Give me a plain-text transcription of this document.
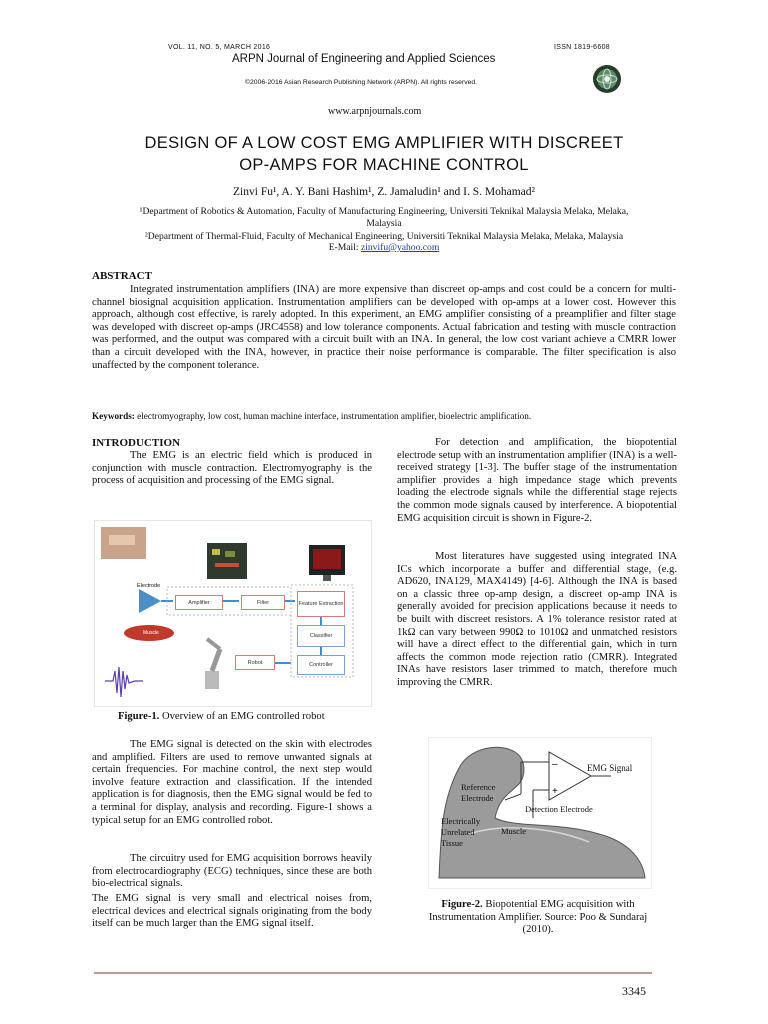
VOL. 11, NO. 5, MARCH 2016	ISSN 1819-6608
ARPN Journal of Engineering and Applied Sciences
©2006-2016 Asian Research Publishing Network (ARPN). All rights reserved.
www.arpnjournals.com
DESIGN OF A LOW COST EMG AMPLIFIER WITH DISCREET
OP-AMPS FOR MACHINE CONTROL
Zinvi Fu¹, A. Y. Bani Hashim¹, Z. Jamaludin¹ and I. S. Mohamad²
¹Department of Robotics & Automation, Faculty of Manufacturing Engineering, Universiti Teknikal Malaysia Melaka, Melaka,
Malaysia
²Department of Thermal-Fluid, Faculty of Mechanical Engineering, Universiti Teknikal Malaysia Melaka, Melaka, Malaysia
E-Mail: zinvifu@yahoo.com
ABSTRACT

Integrated instrumentation amplifiers (INA) are more expensive than discreet op-amps and cost could be a concern for multi-channel biosignal acquisition application. Instrumentation amplifiers can be developed with op-amps at a lower cost. However this approach, although cost effective, is rarely adopted. In this experiment, an EMG amplifier consisting of a preamplifier and filter stage was developed with discreet op-amps (JRC4558) and low tolerance components. Actual fabrication and testing with muscle contraction was performed, and the output was compared with a circuit built with an INA. In general, the low cost variant achieve a CMRR lower than a circuit developed with the INA, however, in practice their noise performance is comparable. The filter specification is also unaffected by the component tolerance.

Keywords: electromyography, low cost, human machine interface, instrumentation amplifier, bioelectric amplification.
INTRODUCTION

The EMG is an electric field which is produced in conjunction with muscle contraction. Electromyography is the process of acquisition and processing of the EMG signal.

Electrode
Muscle
Amplifier	Filter	Feature Extraction
Classifier
Robot	Controller
Figure-1. Overview of an EMG controlled robot

The EMG signal is detected on the skin with electrodes and amplified. Filters are used to remove unwanted signals at certain frequencies. For machine control, the next step would involve feature extraction and classification. If the intended application is for diagnosis, then the EMG signal would be fed to a terminal for display, analysis and recording. Figure-1 shows a typical setup for an EMG controlled robot.

The circuitry used for EMG acquisition borrows heavily from electrocardiography (ECG) techniques, since these are both bio-electrical signals.

The EMG signal is very small and electrical noises from, electrical devices and electrical signals originating from the body itself can be much larger than the EMG signal itself.

For detection and amplification, the biopotential electrode setup with an instrumentation amplifier (INA) is a well-received strategy [1-3]. The buffer stage of the instrumentation amplifier provides a high impedance stage which prevents loading the electrode signals while the differential stage rejects the common mode signals caused by interference. A biopotential EMG acquisition circuit is shown in Figure-2.

Most literatures have suggested using integrated INA ICs which incorporate a buffer and differential stage, (e.g. AD620, INA129, MAX4149) [4-6]. Although the INA is based on a classic three op-amp design, a discreet op-amp INA is generally avoided for precision applications because it needs to be built with discreet resistors. A 1% tolerance resistor rated at 1kΩ can vary between 990Ω to 1010Ω and unmatched resistors will have a direct effect to the differential gain, which in turn affects the common mode rejection ratio (CMRR). Integrated INAs have resistors laser trimmed to match, therefore much improving the CMRR.

–
+
EMG Signal
Reference
Electrode
Detection Electrode
Electrically
Unrelated
Tissue
Muscle
Figure-2. Biopotential EMG acquisition with
Instrumentation Amplifier. Source: Poo & Sundaraj
(2010).
3345
